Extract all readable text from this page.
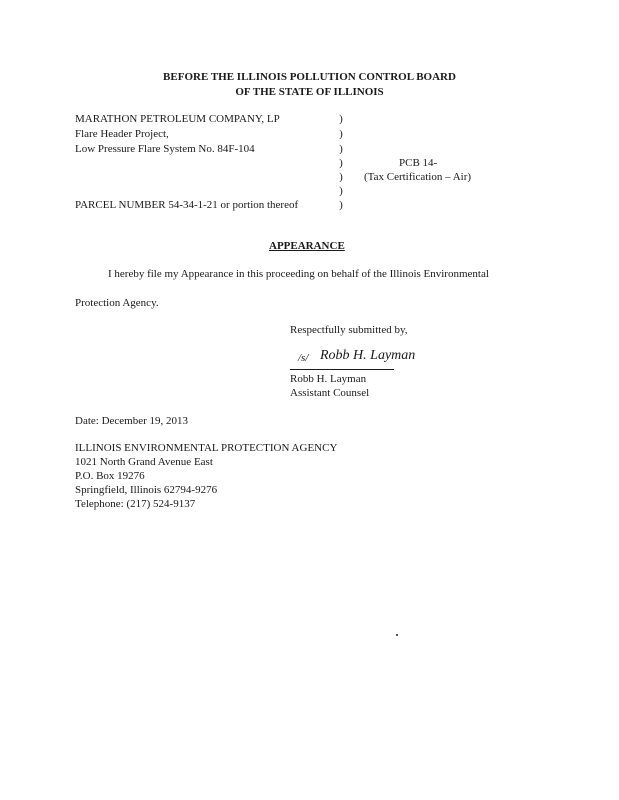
BEFORE THE ILLINOIS POLLUTION CONTROL BOARD
OF THE STATE OF ILLINOIS
MARATHON PETROLEUM COMPANY, LP
Flare Header Project,
Low Pressure Flare System No. 84F-104
PARCEL NUMBER 54-34-1-21 or portion thereof
)
)
)
)
)
)
)
PCB 14-
(Tax Certification – Air)
APPEARANCE
I hereby file my Appearance in this proceeding on behalf of the Illinois Environmental
Protection Agency.
Respectfully submitted by,
/s/ Robb H. Layman
Robb H. Layman
Assistant Counsel
Date: December 19, 2013
ILLINOIS ENVIRONMENTAL PROTECTION AGENCY
1021 North Grand Avenue East
P.O. Box 19276
Springfield, Illinois 62794-9276
Telephone: (217) 524-9137
